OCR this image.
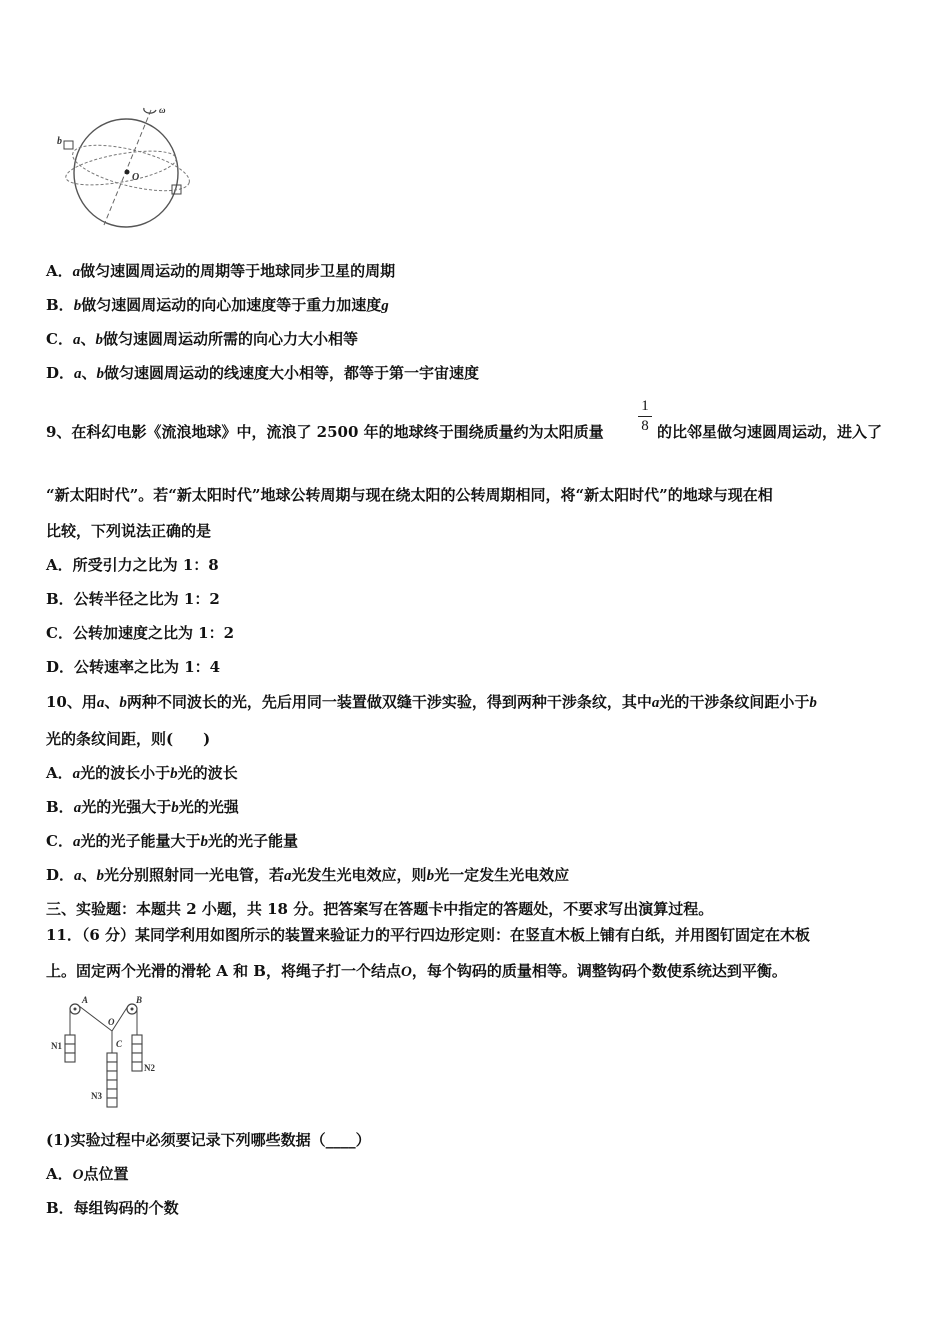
ω
b
O
A．a做匀速圆周运动的周期等于地球同步卫星的周期
B．b做匀速圆周运动的向心加速度等于重力加速度g
C．a、b做匀速圆周运动所需的向心力大小相等
D．a、b做匀速圆周运动的线速度大小相等，都等于第一宇宙速度
9、在科幻电影《流浪地球》中，流浪了 2500 年的地球终于围绕质量约为太阳质量
1
8 的比邻星做匀速圆周运动，进入了
“新太阳时代”。若“新太阳时代”地球公转周期与现在绕太阳的公转周期相同，将“新太阳时代”的地球与现在相
比较，下列说法正确的是
A．所受引力之比为 1：8
B．公转半径之比为 1：2
C．公转加速度之比为 1：2
D．公转速率之比为 1：4
10、用a、b两种不同波长的光，先后用同一装置做双缝干涉实验，得到两种干涉条纹，其中a光的干涉条纹间距小于b
光的条纹间距，则(　　)
A．a光的波长小于b光的波长
B．a光的光强大于b光的光强
C．a光的光子能量大于b光的光子能量
D．a、b光分别照射同一光电管，若a光发生光电效应，则b光一定发生光电效应
三、实验题：本题共 2 小题，共 18 分。把答案写在答题卡中指定的答题处，不要求写出演算过程。
11．（6 分）某同学利用如图所示的装置来验证力的平行四边形定则：在竖直木板上铺有白纸，并用图钉固定在木板
上。固定两个光滑的滑轮 A 和 B，将绳子打一个结点O，每个钩码的质量相等。调整钩码个数使系统达到平衡。
A	B
O
N1
N2
C
N3
(1)实验过程中必须要记录下列哪些数据（____）
A．O点位置
B．每组钩码的个数
